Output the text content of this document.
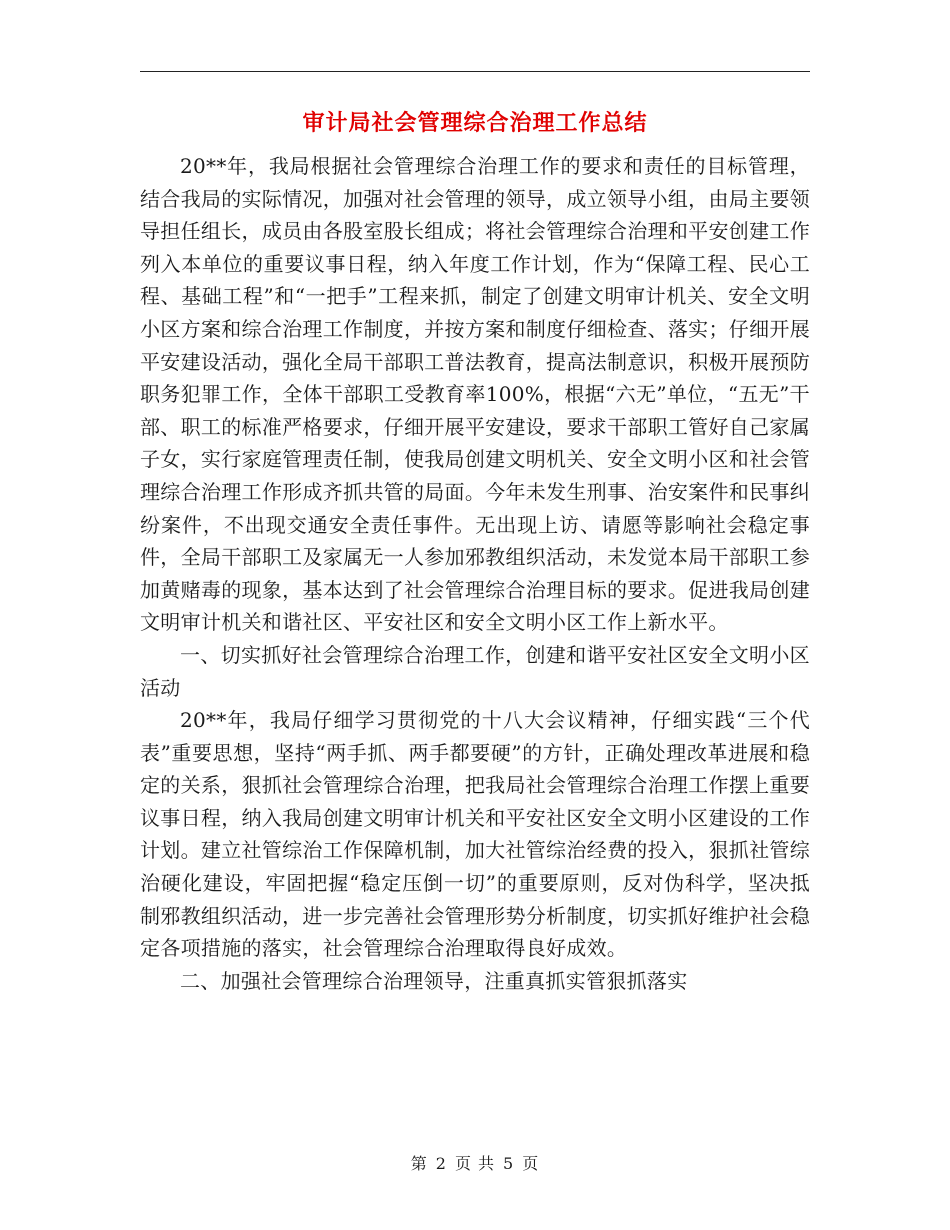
审计局社会管理综合治理工作总结

20**年，我局根据社会管理综合治理工作的要求和责任的目标管理，结合我局的实际情况，加强对社会管理的领导，成立领导小组，由局主要领导担任组长，成员由各股室股长组成；将社会管理综合治理和平安创建工作列入本单位的重要议事日程，纳入年度工作计划，作为“保障工程、民心工程、基础工程”和“一把手”工程来抓，制定了创建文明审计机关、安全文明小区方案和综合治理工作制度，并按方案和制度仔细检查、落实；仔细开展平安建设活动，强化全局干部职工普法教育，提高法制意识，积极开展预防职务犯罪工作，全体干部职工受教育率100%，根据“六无”单位，“五无”干部、职工的标准严格要求，仔细开展平安建设，要求干部职工管好自己家属子女，实行家庭管理责任制，使我局创建文明机关、安全文明小区和社会管理综合治理工作形成齐抓共管的局面。今年未发生刑事、治安案件和民事纠纷案件，不出现交通安全责任事件。无出现上访、请愿等影响社会稳定事件，全局干部职工及家属无一人参加邪教组织活动，未发觉本局干部职工参加黄赌毒的现象，基本达到了社会管理综合治理目标的要求。促进我局创建文明审计机关和谐社区、平安社区和安全文明小区工作上新水平。

一、切实抓好社会管理综合治理工作，创建和谐平安社区安全文明小区活动

20**年，我局仔细学习贯彻党的十八大会议精神，仔细实践“三个代表”重要思想，坚持“两手抓、两手都要硬”的方针，正确处理改革进展和稳定的关系，狠抓社会管理综合治理，把我局社会管理综合治理工作摆上重要议事日程，纳入我局创建文明审计机关和平安社区安全文明小区建设的工作计划。建立社管综治工作保障机制，加大社管综治经费的投入，狠抓社管综治硬化建设，牢固把握“稳定压倒一切”的重要原则，反对伪科学，坚决抵制邪教组织活动，进一步完善社会管理形势分析制度，切实抓好维护社会稳定各项措施的落实，社会管理综合治理取得良好成效。

二、加强社会管理综合治理领导，注重真抓实管狠抓落实

第 2 页 共 5 页
